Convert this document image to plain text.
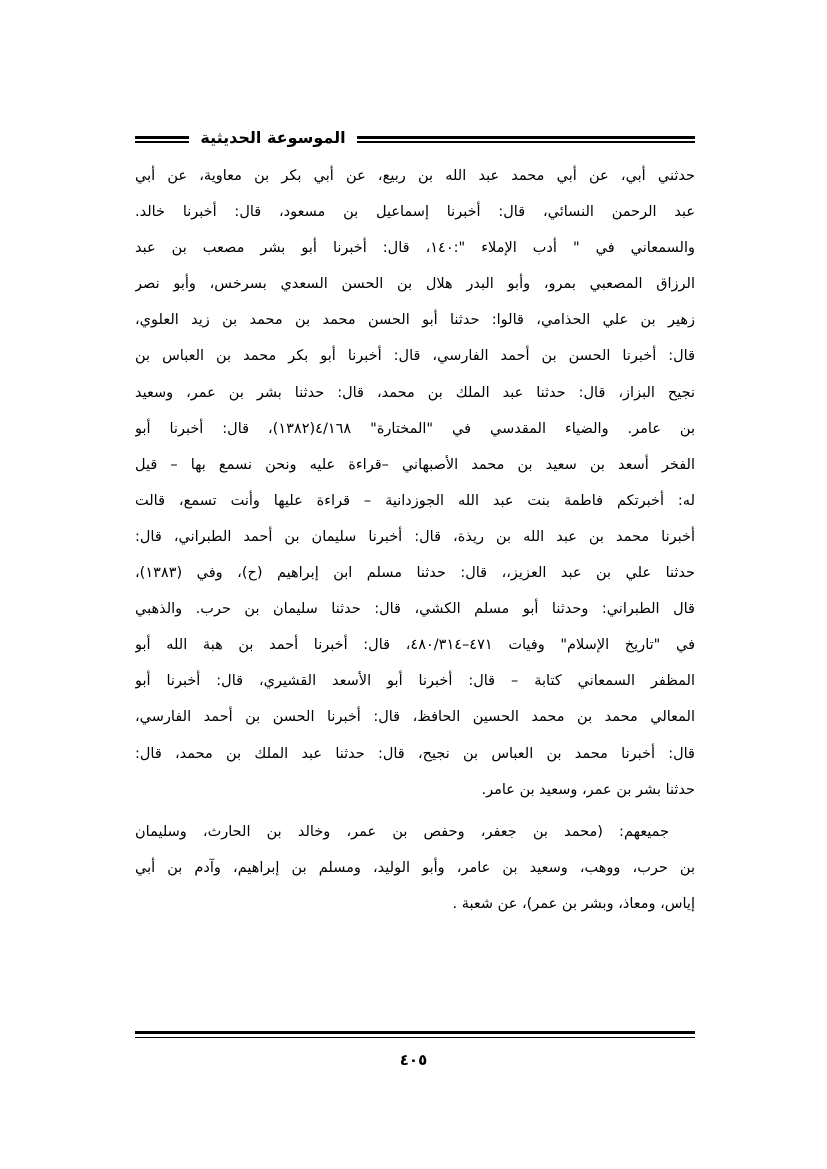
الموسوعة الحديثية
حدثني أبي، عن أبي محمد عبد الله بن ربيع، عن أبي بكر بن معاوية، عن أبي
عبد الرحمن النسائي، قال: أخبرنا إسماعيل بن مسعود، قال: أخبرنا خالد.
والسمعاني في " أدب الإملاء ":١٤٠، قال: أخبرنا أبو بشر مصعب بن عبد
الرزاق المصعبي بمرو، وأبو البدر هلال بن الحسن السعدي بسرخس، وأبو نصر
زهير بن علي الحذامي، قالوا: حدثنا أبو الحسن محمد بن محمد بن زيد العلوي،
قال: أخبرنا الحسن بن أحمد الفارسي، قال: أخبرنا أبو بكر محمد بن العباس بن
نجيح البزاز، قال: حدثنا عبد الملك بن محمد، قال: حدثنا بشر بن عمر، وسعيد
بن عامر. والضياء المقدسي في "المختارة" ٤/١٦٨(١٣٨٢)، قال: أخبرنا أبو
الفخر أسعد بن سعيد بن محمد الأصبهاني –قراءة عليه ونحن نسمع بها – قيل
له: أخبرتكم فاطمة بنت عبد الله الجوزدانية – قراءة عليها وأنت تسمع، قالت
أخبرنا محمد بن عبد الله بن ريذة، قال: أخبرنا سليمان بن أحمد الطبراني، قال:
حدثنا علي بن عبد العزيز،، قال: حدثنا مسلم ابن إبراهيم (ح)، وفي (١٣٨٣)،
قال الطبراني: وحدثنا أبو مسلم الكشي، قال: حدثنا سليمان بن حرب. والذهبي
في "تاريخ الإسلام" وفيات ٤٧١–٤٨٠/٣١٤، قال: أخبرنا أحمد بن هبة الله أبو
المظفر السمعاني كتابة – قال: أخبرنا أبو الأسعد القشيري، قال: أخبرنا أبو
المعالي محمد بن محمد الحسين الحافظ، قال: أخبرنا الحسن بن أحمد الفارسي،
قال: أخبرنا محمد بن العباس بن نجيح، قال: حدثنا عبد الملك بن محمد، قال:
حدثنا بشر بن عمر، وسعيد بن عامر.
جميعهم: (محمد بن جعفر، وحفص بن عمر، وخالد بن الحارث، وسليمان
بن حرب، ووهب، وسعيد بن عامر، وأبو الوليد، ومسلم بن إبراهيم، وآدم بن أبي
إياس، ومعاذ، وبشر بن عمر)، عن شعبة .
٤٠٥
